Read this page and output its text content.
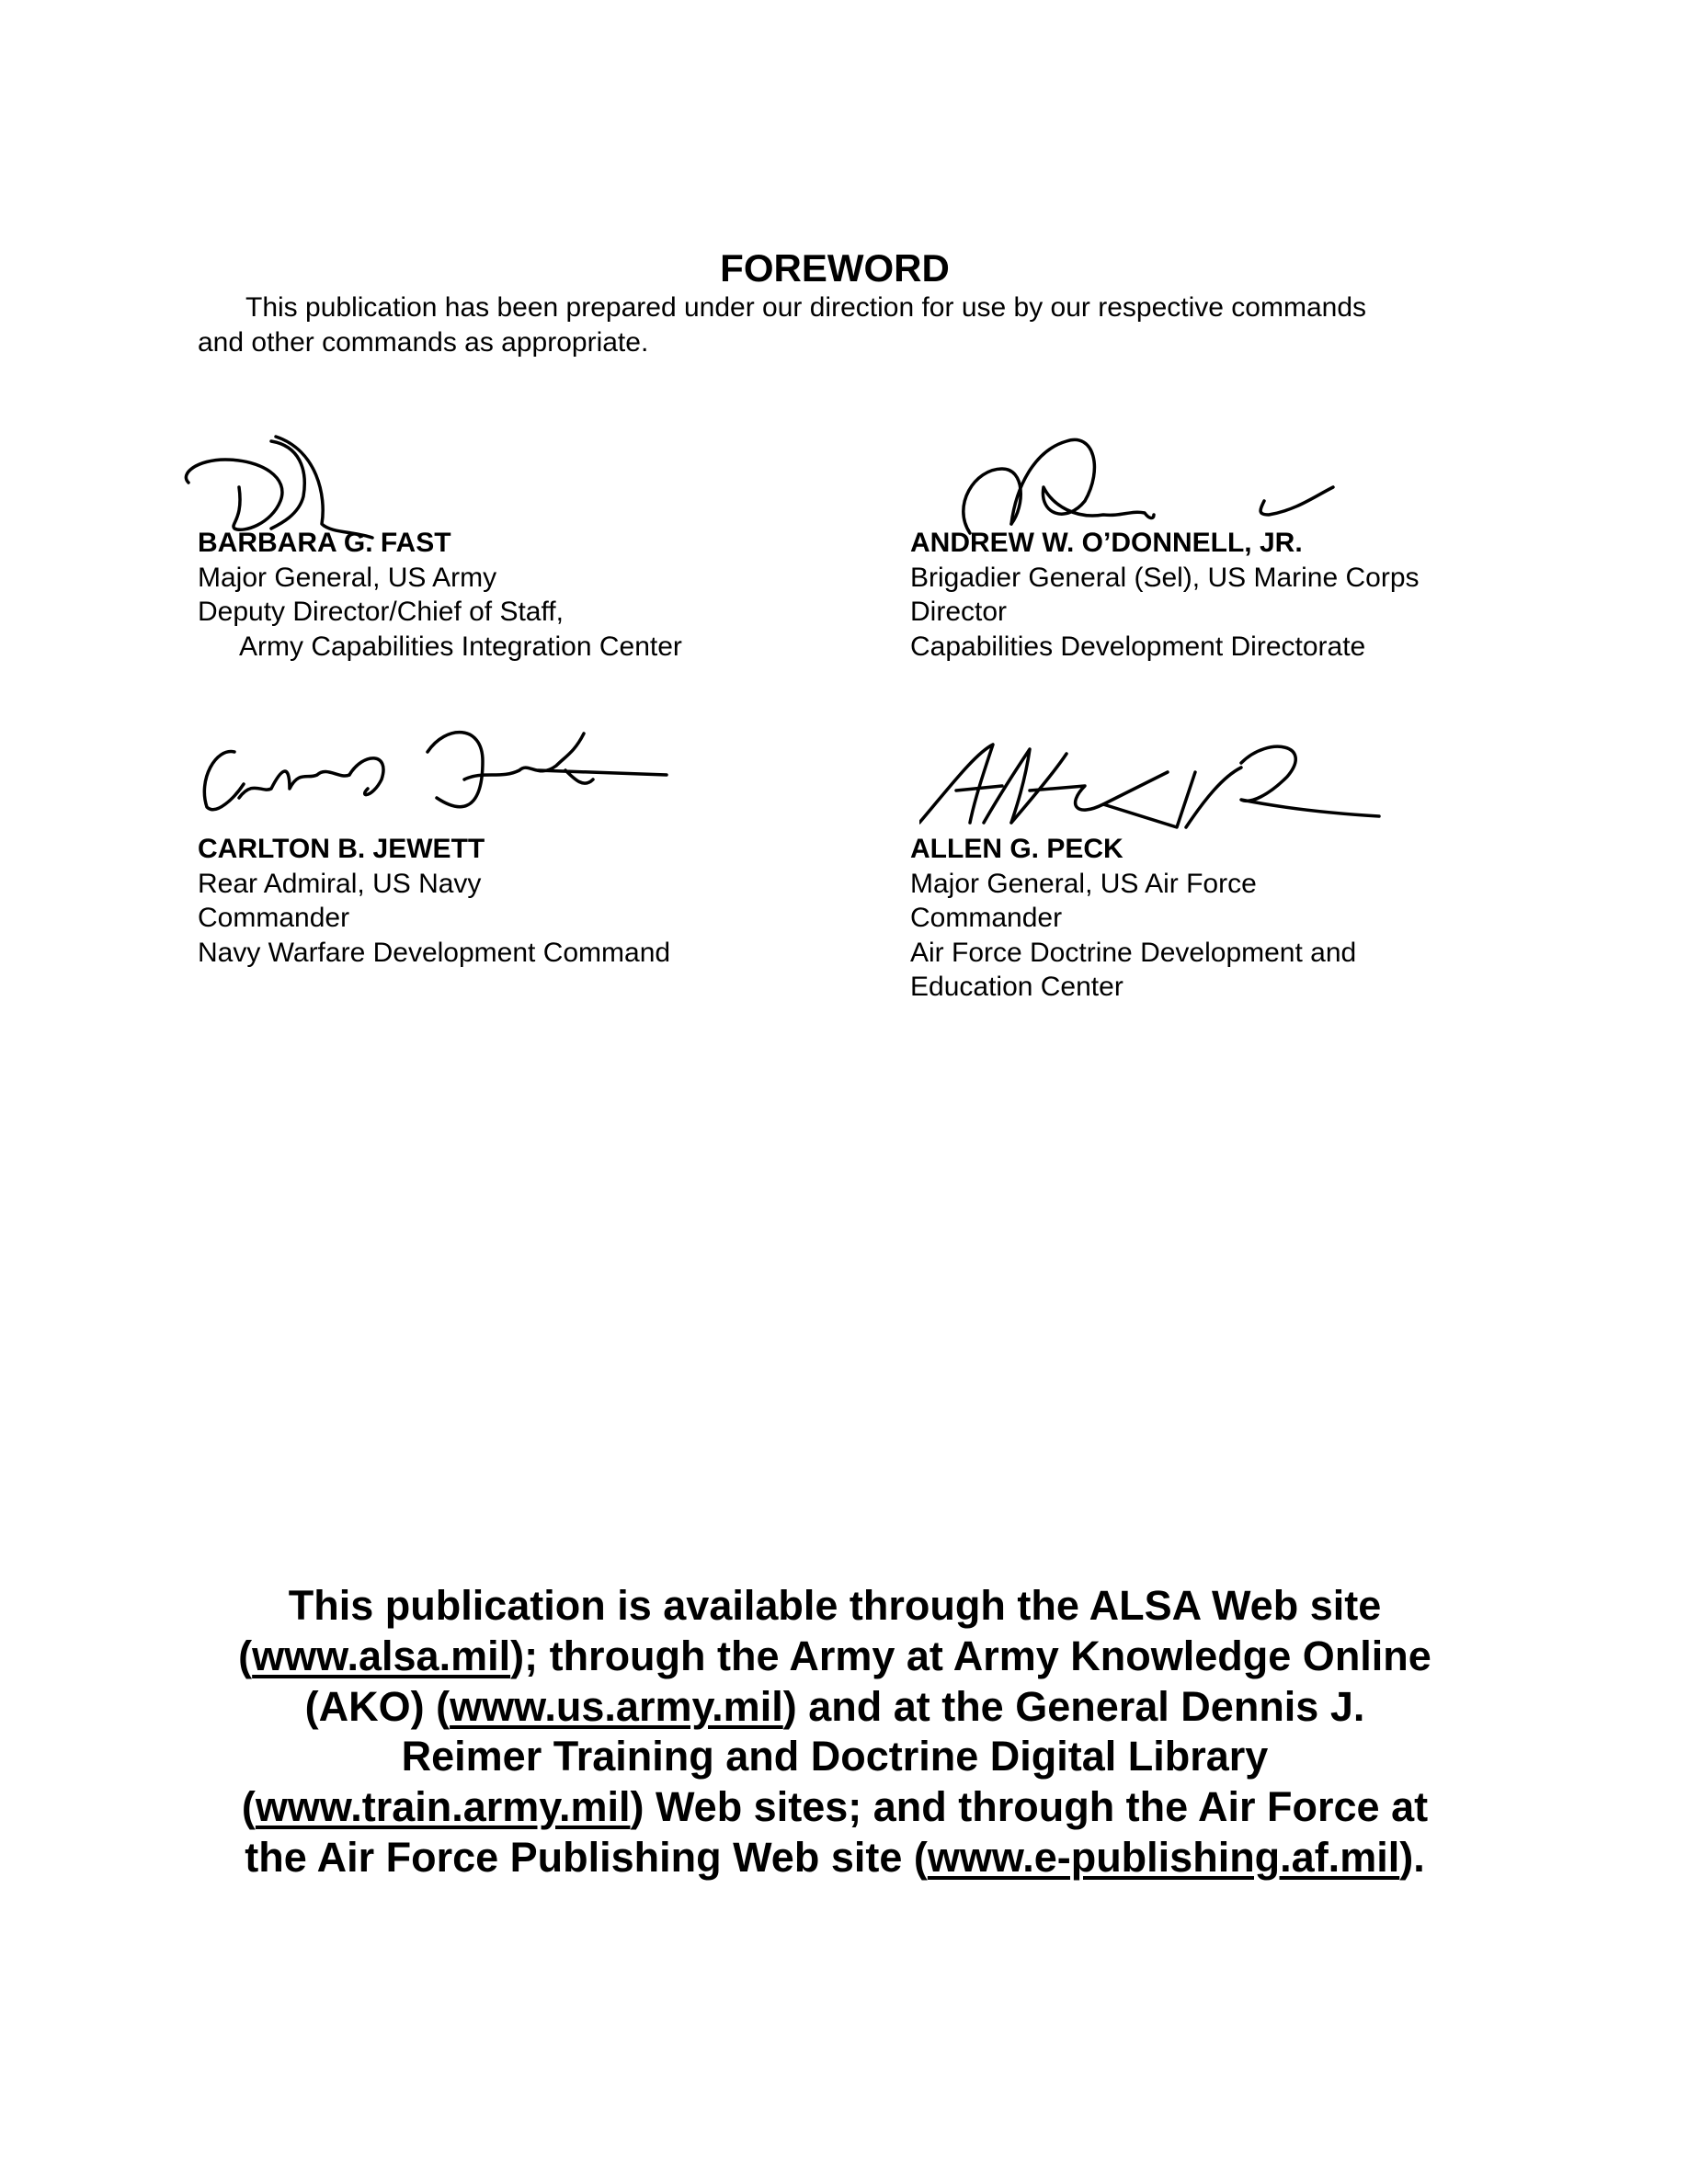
FOREWORD
This publication has been prepared under our direction for use by our respective commands
and other commands as appropriate.
BARBARA G. FAST
Major General, US Army
Deputy Director/Chief of Staff,
Army Capabilities Integration Center
ANDREW W. O’DONNELL, JR.
Brigadier General (Sel), US Marine Corps
Director
Capabilities Development Directorate
CARLTON B. JEWETT
Rear Admiral, US Navy
Commander
Navy Warfare Development Command
ALLEN G. PECK
Major General, US Air Force
Commander
Air Force Doctrine Development and
Education Center
This publication is available through the ALSA Web site
(www.alsa.mil); through the Army at Army Knowledge Online
(AKO) (www.us.army.mil) and at the General Dennis J.
Reimer Training and Doctrine Digital Library
(www.train.army.mil) Web sites; and through the Air Force at
the Air Force Publishing Web site (www.e-publishing.af.mil).
